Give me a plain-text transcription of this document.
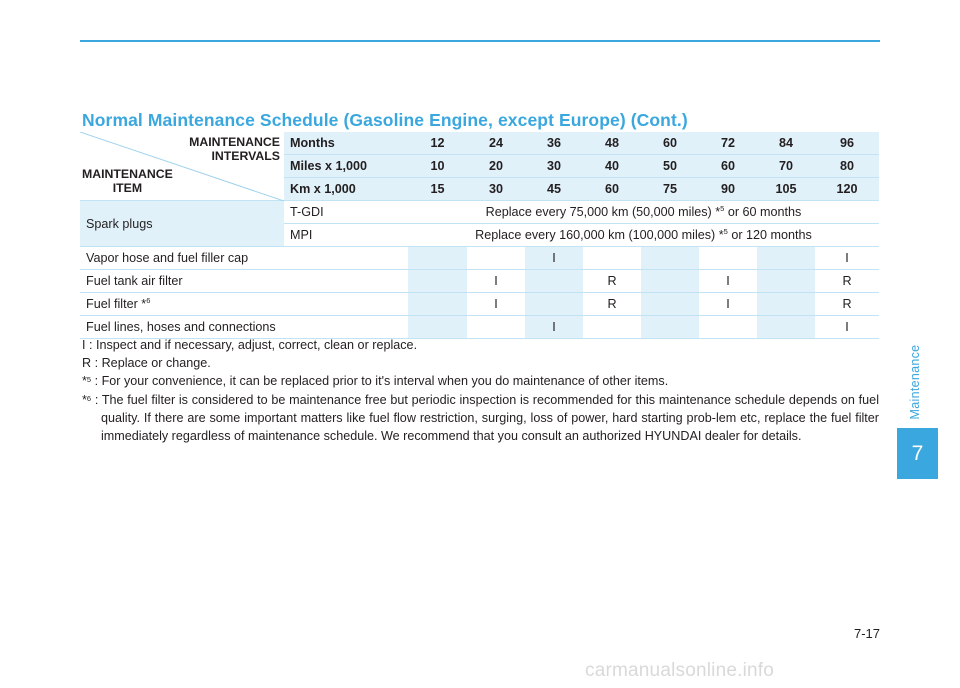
Normal Maintenance Schedule (Gasoline Engine, except Europe) (Cont.)
MAINTENANCE
INTERVALS
MAINTENANCE
ITEM	Months	12	24	36	48	60	72	84	96
	Miles x 1,000	10	20	30	40	50	60	70	80
	Km x 1,000	15	30	45	60	75	90	105	120
Spark plugs	T-GDI	Replace every 75,000 km (50,000 miles) *$^5$ or 60 months							
	MPI	Replace every 160,000 km (100,000 miles) *$^5$ or 120 months							
Vapor hose and fuel filler cap				I					I
Fuel tank air filter			I		R		I		R
Fuel filter *$^6$			I		R		I		R
Fuel lines, hoses and connections				I					I

I : Inspect and if necessary, adjust, correct, clean or replace.

R : Replace or change.

*$^5$ : For your convenience, it can be replaced prior to it's interval when you do maintenance of other items.

*$^6$ : The fuel filter is considered to be maintenance free but periodic inspection is recommended for this maintenance schedule depends on fuel quality. If there are some important matters like fuel flow restriction, surging, loss of power, hard starting prob-lem etc, replace the fuel filter immediately regardless of maintenance schedule. We recommend that you consult an authorized HYUNDAI dealer for details.

Maintenance
7
7-17
carmanualsonline.info
